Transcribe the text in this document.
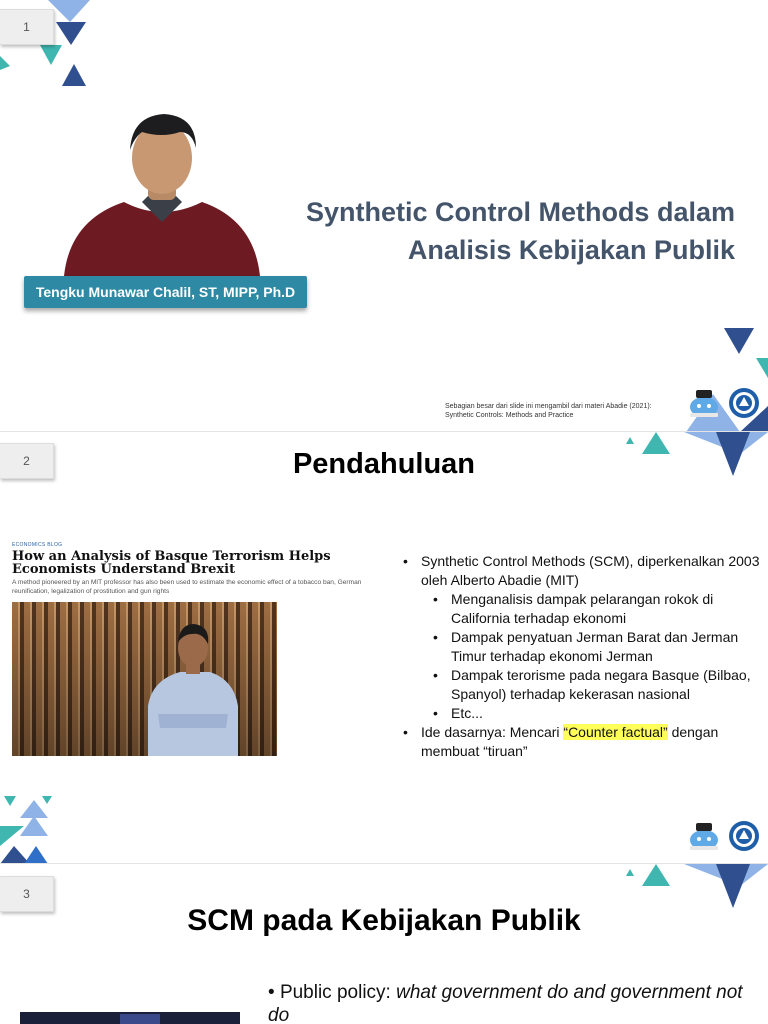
1
Tengku Munawar Chalil, ST, MIPP, Ph.D
Synthetic Control Methods dalam
Analisis Kebijakan Publik
Sebagian besar dari slide ini mengambil dari materi Abadie (2021): Synthetic Controls: Methods and Practice
2	Pendahuluan
ECONOMICS BLOG
How an Analysis of Basque Terrorism Helps Economists Understand Brexit
A method pioneered by an MIT professor has also been used to estimate the economic effect of a tobacco ban, German reunification, legalization of prostitution and gun rights
• Synthetic Control Methods (SCM), diperkenalkan 2003 oleh Alberto Abadie (MIT)
• Menganalisis dampak pelarangan rokok di California terhadap ekonomi
• Dampak penyatuan Jerman Barat dan Jerman Timur terhadap ekonomi Jerman
• Dampak terorisme pada negara Basque (Bilbao, Spanyol) terhadap kekerasan nasional
• Etc...
• Ide dasarnya: Mencari “Counter factual” dengan membuat “tiruan”
3
SCM pada Kebijakan Publik
• Public policy: what government do and government not do
